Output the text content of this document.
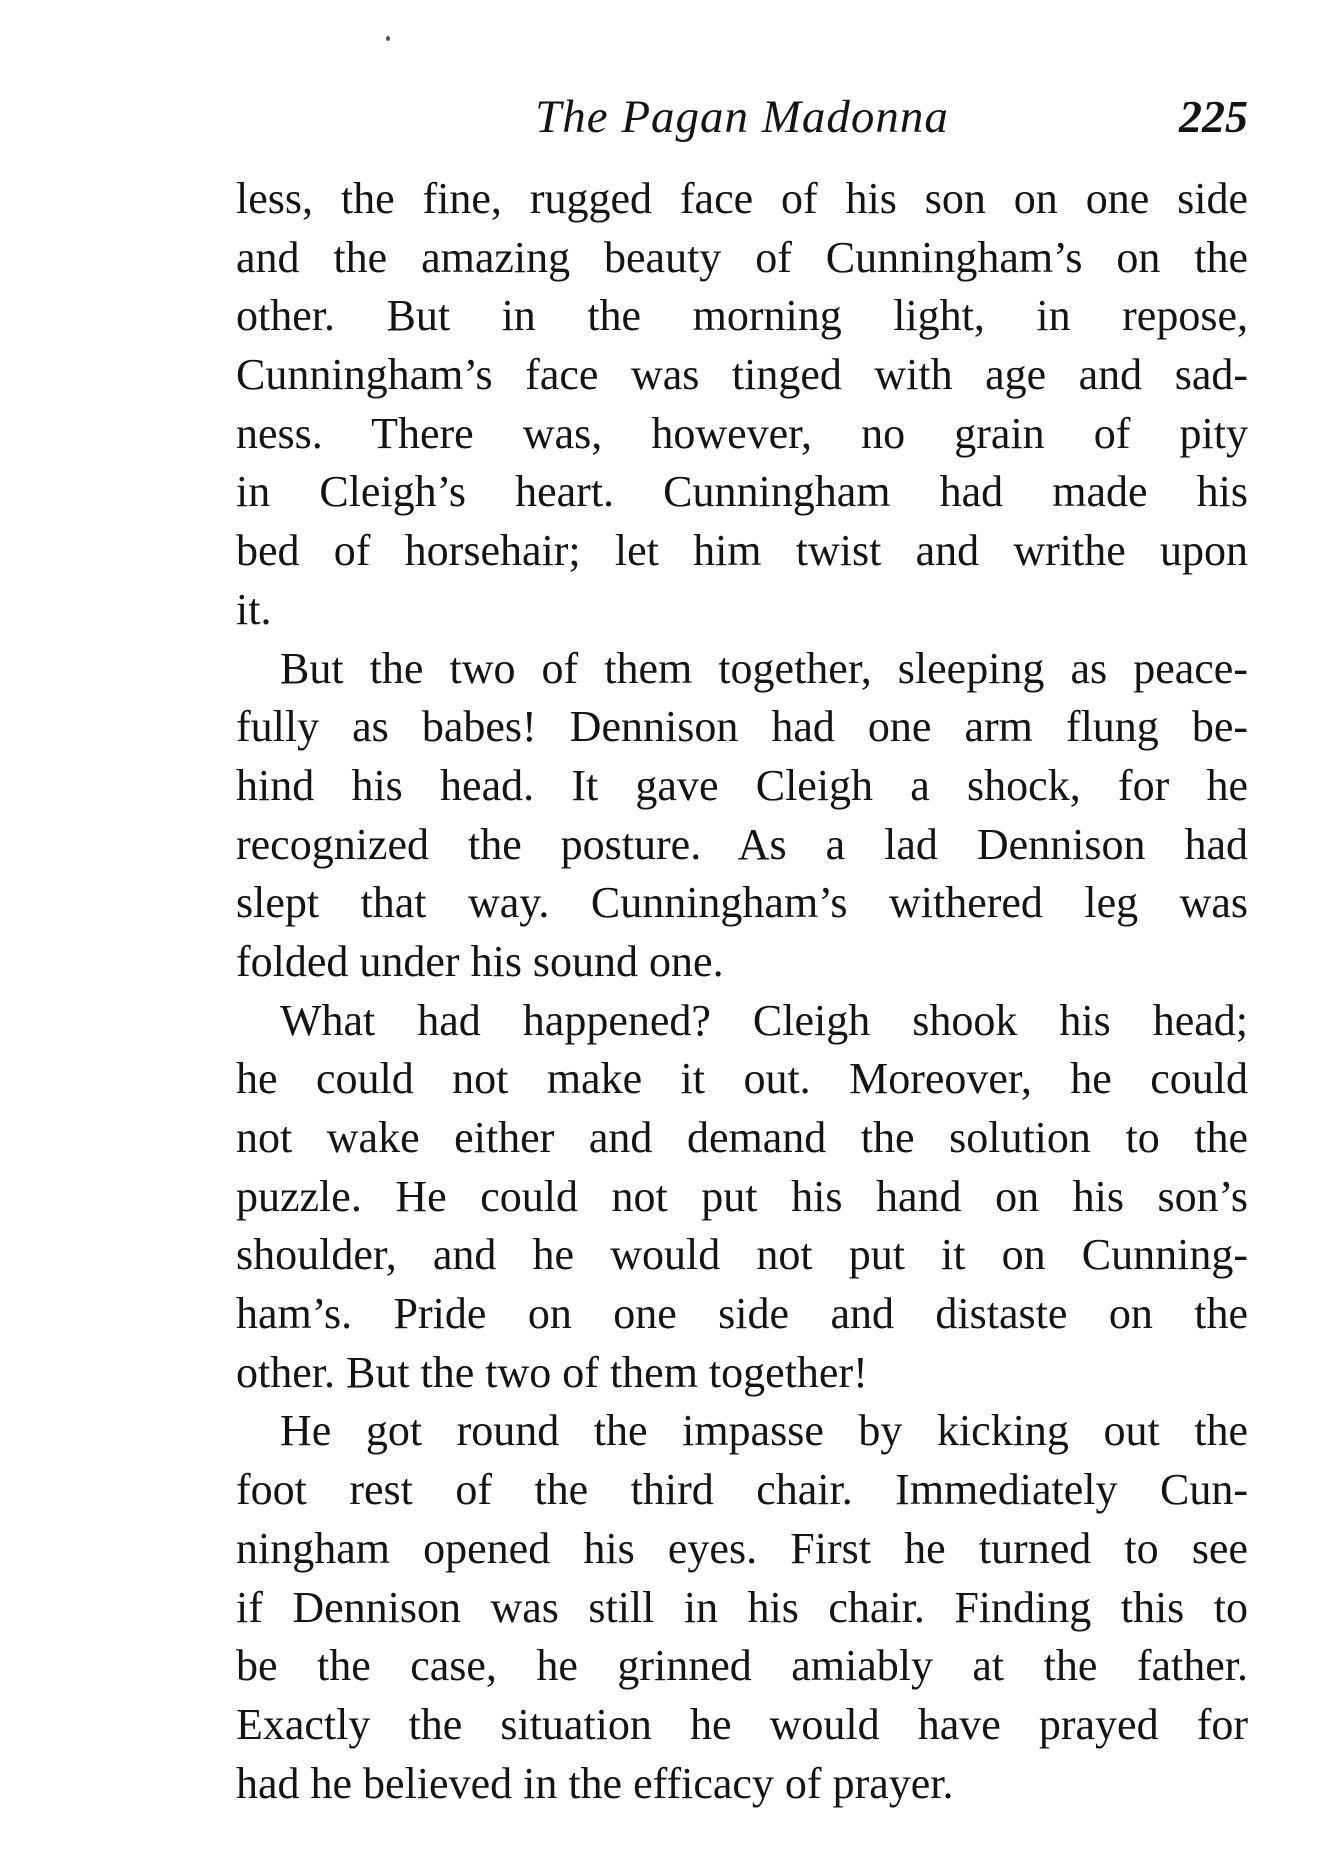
The Pagan Madonna	225
less, the fine, rugged face of his son on one side
and the amazing beauty of Cunningham’s on the
other. But in the morning light, in repose,
Cunningham’s face was tinged with age and sad-
ness. There was, however, no grain of pity
in Cleigh’s heart. Cunningham had made his
bed of horsehair; let him twist and writhe upon
it.
But the two of them together, sleeping as peace-
fully as babes! Dennison had one arm flung be-
hind his head. It gave Cleigh a shock, for he
recognized the posture. As a lad Dennison had
slept that way. Cunningham’s withered leg was
folded under his sound one.
What had happened? Cleigh shook his head;
he could not make it out. Moreover, he could
not wake either and demand the solution to the
puzzle. He could not put his hand on his son’s
shoulder, and he would not put it on Cunning-
ham’s. Pride on one side and distaste on the
other. But the two of them together!
He got round the impasse by kicking out the
foot rest of the third chair. Immediately Cun-
ningham opened his eyes. First he turned to see
if Dennison was still in his chair. Finding this to
be the case, he grinned amiably at the father.
Exactly the situation he would have prayed for
had he believed in the efficacy of prayer.
